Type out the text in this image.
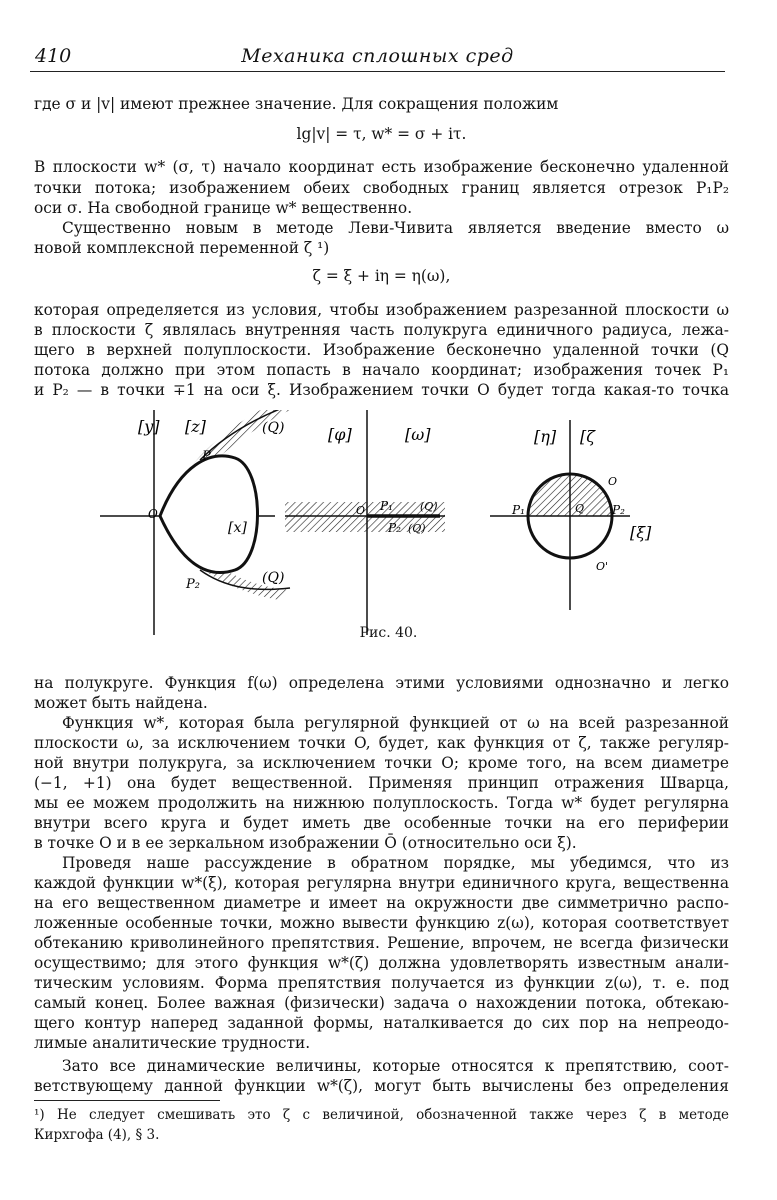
410	Механика сплошных сред
где σ и |v| имеют прежнее значение. Для сокращения положим
lg|v| = τ, w* = σ + iτ.
В плоскости w* (σ, τ) начало координат есть изображение бесконечно удаленной
точки потока; изображением обеих свободных границ является отрезок P₁P₂
оси σ. На свободной границе w* вещественно.
Существенно новым в методе Леви-Чивита является введение вместо ω
новой комплексной переменной ζ ¹)
ζ = ξ + iη = η(ω),
которая определяется из условия, чтобы изображением разрезанной плоскости ω
в плоскости ζ являлась внутренняя часть полукруга единичного радиуса, лежа-
щего в верхней полуплоскости. Изображение бесконечно удаленной точки (Q
потока должно при этом попасть в начало координат; изображения точек P₁
и P₂ — в точки ∓1 на оси ξ. Изображением точки O будет тогда какая-то точка
[y] [z]
[x]
(Q)
(Q)
P
P₂
O
[φ]	[ω]
O P₁
P₂
(Q)
(Q)
[η] [ζ
[ξ]
P₁	P₂
Q
O
O'
Рис. 40.
на полукруге. Функция f(ω) определена этими условиями однозначно и легко
может быть найдена.
Функция w*, которая была регулярной функцией от ω на всей разрезанной
плоскости ω, за исключением точки O, будет, как функция от ζ, также регуляр-
ной внутри полукруга, за исключением точки O; кроме того, на всем диаметре
(−1, +1) она будет вещественной. Применяя принцип отражения Шварца,
мы ее можем продолжить на нижнюю полуплоскость. Тогда w* будет регулярна
внутри всего круга и будет иметь две особенные точки на его периферии
в точке O и в ее зеркальном изображении Ō (относительно оси ξ).
Проведя наше рассуждение в обратном порядке, мы убедимся, что из
каждой функции w*(ξ), которая регулярна внутри единичного круга, вещественна
на его вещественном диаметре и имеет на окружности две симметрично распо-
ложенные особенные точки, можно вывести функцию z(ω), которая соответствует
обтеканию криволинейного препятствия. Решение, впрочем, не всегда физически
осуществимо; для этого функция w*(ζ) должна удовлетворять известным анали-
тическим условиям. Форма препятствия получается из функции z(ω), т. е. под
самый конец. Более важная (физически) задача о нахождении потока, обтекаю-
щего контур наперед заданной формы, наталкивается до сих пор на непреодо-
лимые аналитические трудности.
Зато все динамические величины, которые относятся к препятствию, соот-
ветствующему данной функции w*(ζ), могут быть вычислены без определения
¹) Не следует смешивать это ζ с величиной, обозначенной также через ζ в методе
Кирхгофа (4), § 3.
